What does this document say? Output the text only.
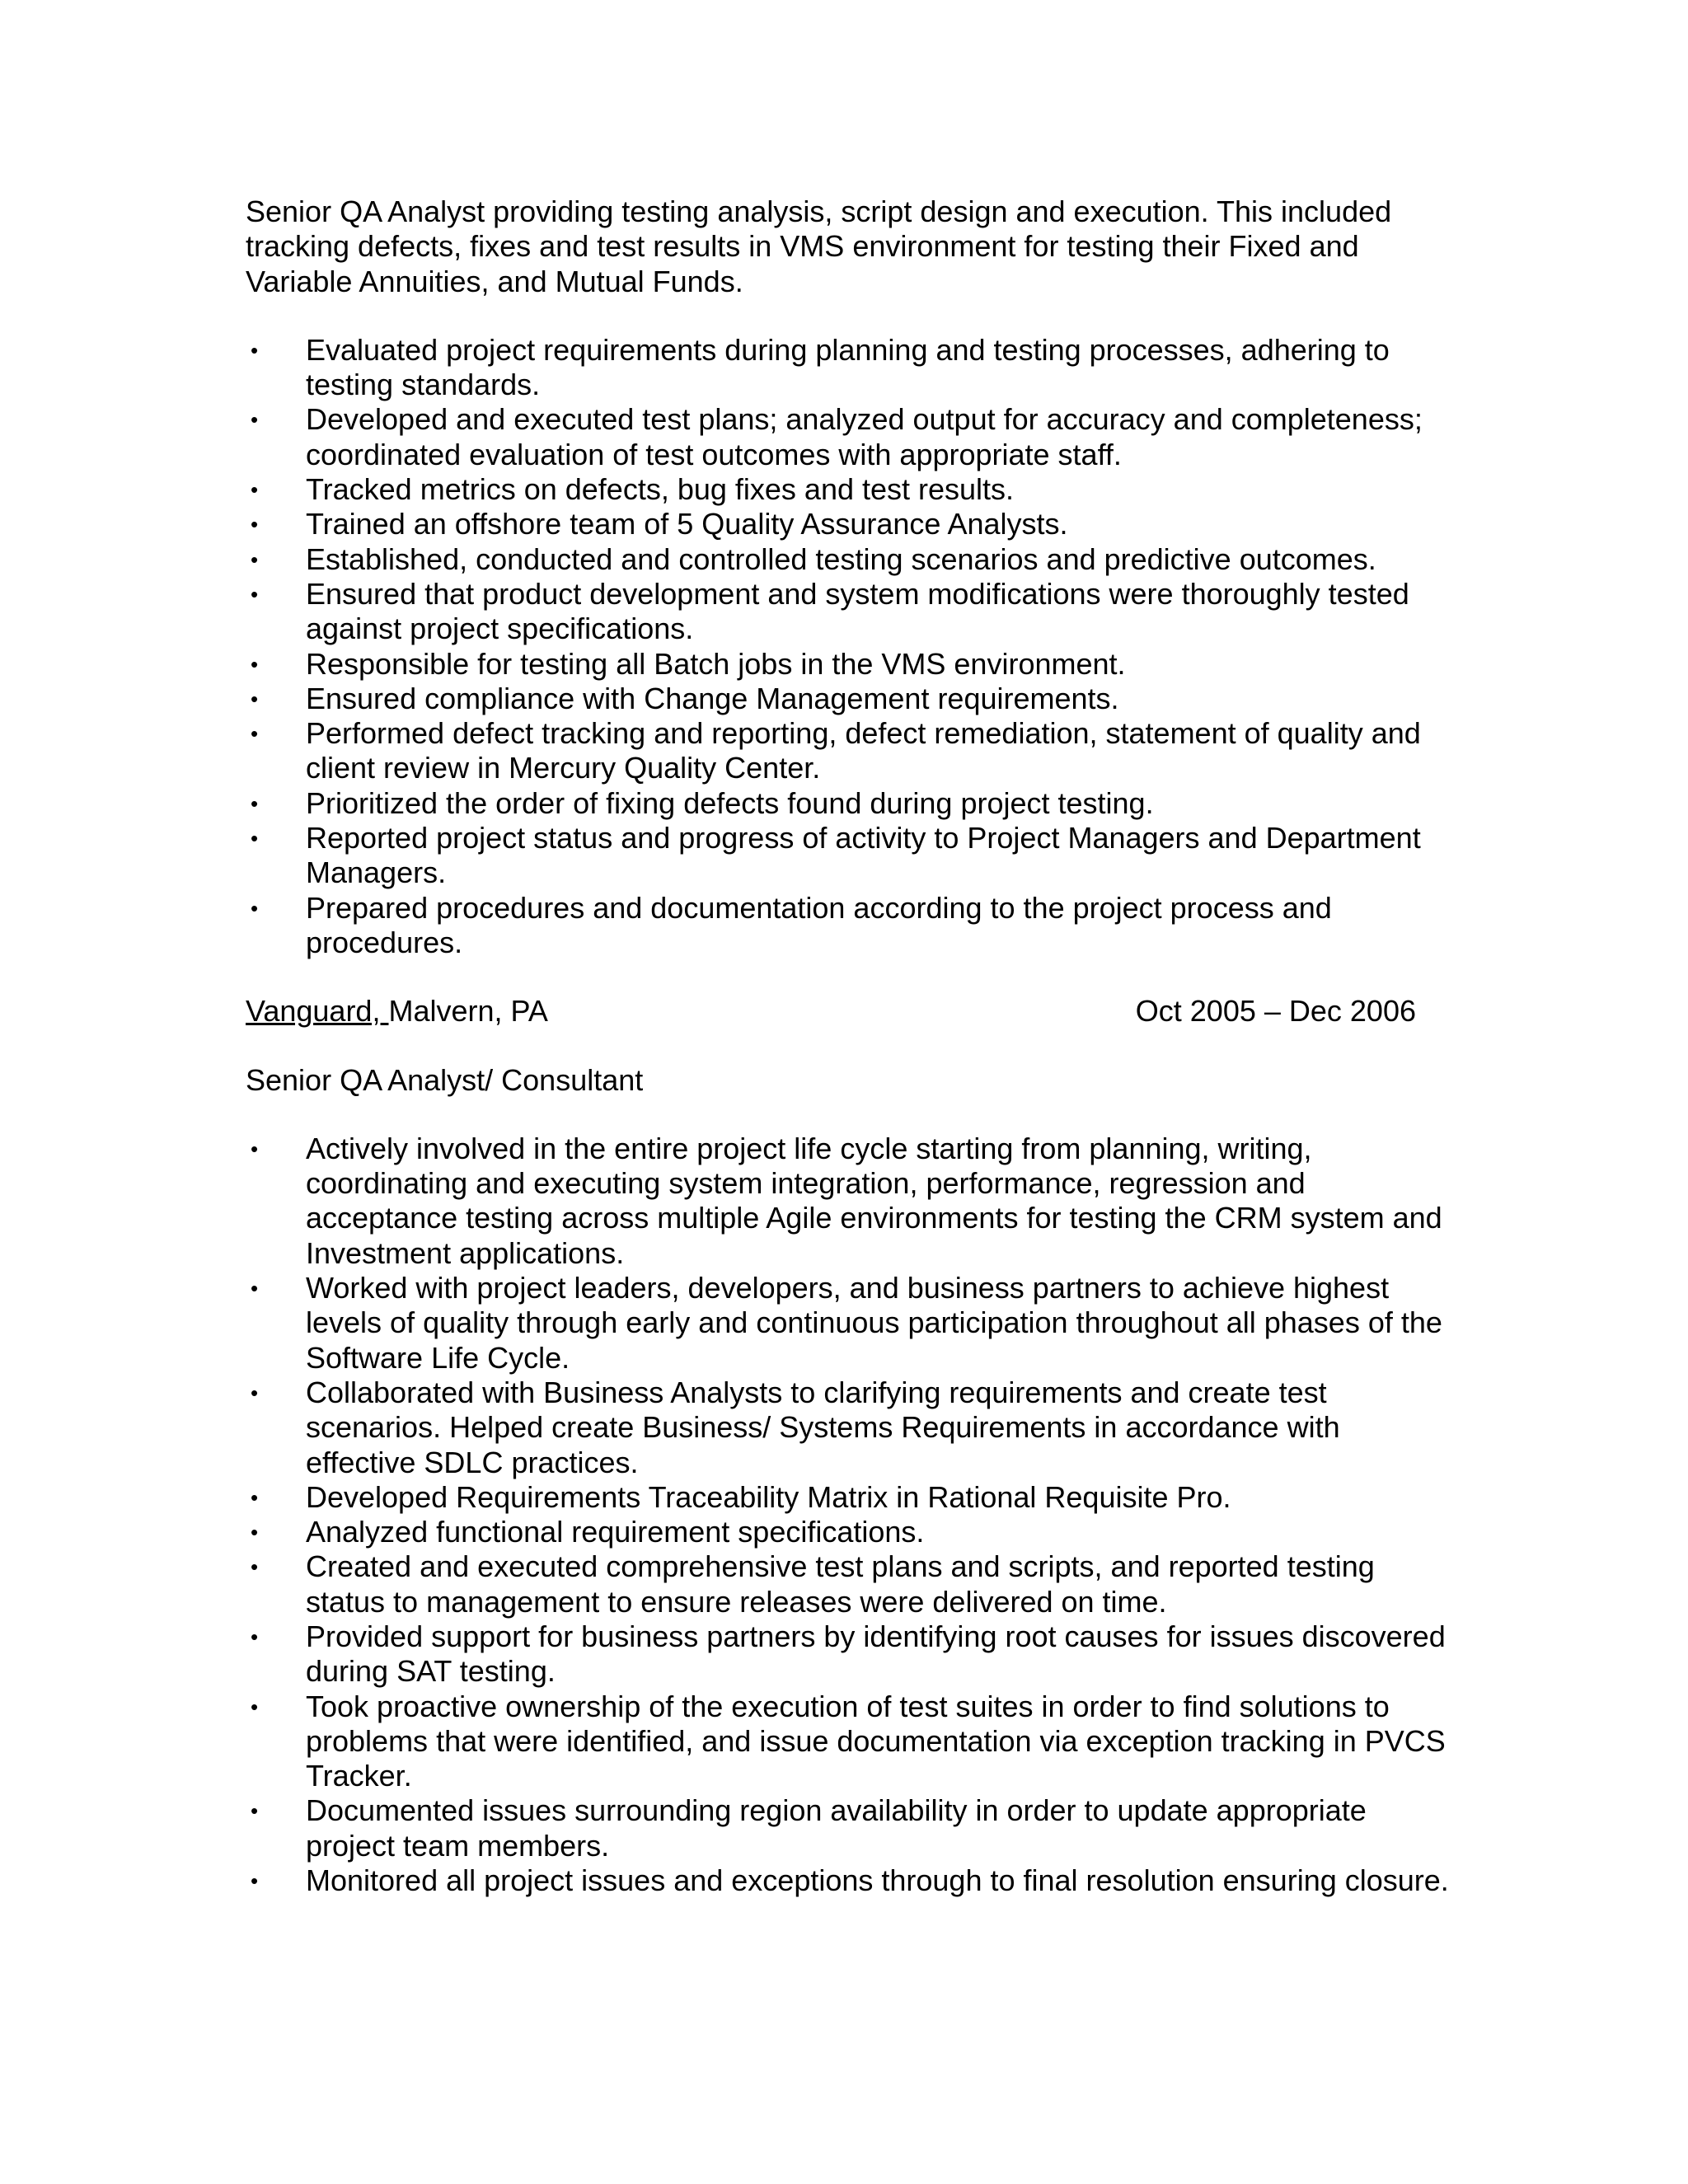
Senior QA Analyst providing testing analysis, script design and execution. This included tracking defects, fixes and test results in VMS environment for testing their Fixed and Variable Annuities, and Mutual Funds.

• Evaluated project requirements during planning and testing processes, adhering to testing standards.
• Developed and executed test plans; analyzed output for accuracy and completeness; coordinated evaluation of test outcomes with appropriate staff.
• Tracked metrics on defects, bug fixes and test results.
• Trained an offshore team of 5 Quality Assurance Analysts.
• Established, conducted and controlled testing scenarios and predictive outcomes.
• Ensured that product development and system modifications were thoroughly tested against project specifications.
• Responsible for testing all Batch jobs in the VMS environment.
• Ensured compliance with Change Management requirements.
• Performed defect tracking and reporting, defect remediation, statement of quality and client review in Mercury Quality Center.
• Prioritized the order of fixing defects found during project testing.
• Reported project status and progress of activity to Project Managers and Department Managers.
• Prepared procedures and documentation according to the project process and procedures.
Vanguard, Malvern, PA	Oct 2005 – Dec 2006

Senior QA Analyst/ Consultant

• Actively involved in the entire project life cycle starting from planning, writing, coordinating and executing system integration, performance, regression and acceptance testing across multiple Agile environments for testing the CRM system and Investment applications.
• Worked with project leaders, developers, and business partners to achieve highest levels of quality through early and continuous participation throughout all phases of the Software Life Cycle.
• Collaborated with Business Analysts to clarifying requirements and create test scenarios. Helped create Business/ Systems Requirements in accordance with effective SDLC practices.
• Developed Requirements Traceability Matrix in Rational Requisite Pro.
• Analyzed functional requirement specifications.
• Created and executed comprehensive test plans and scripts, and reported testing status to management to ensure releases were delivered on time.
• Provided support for business partners by identifying root causes for issues discovered during SAT testing.
• Took proactive ownership of the execution of test suites in order to find solutions to problems that were identified, and issue documentation via exception tracking in PVCS Tracker.
• Documented issues surrounding region availability in order to update appropriate project team members.
• Monitored all project issues and exceptions through to final resolution ensuring closure.
